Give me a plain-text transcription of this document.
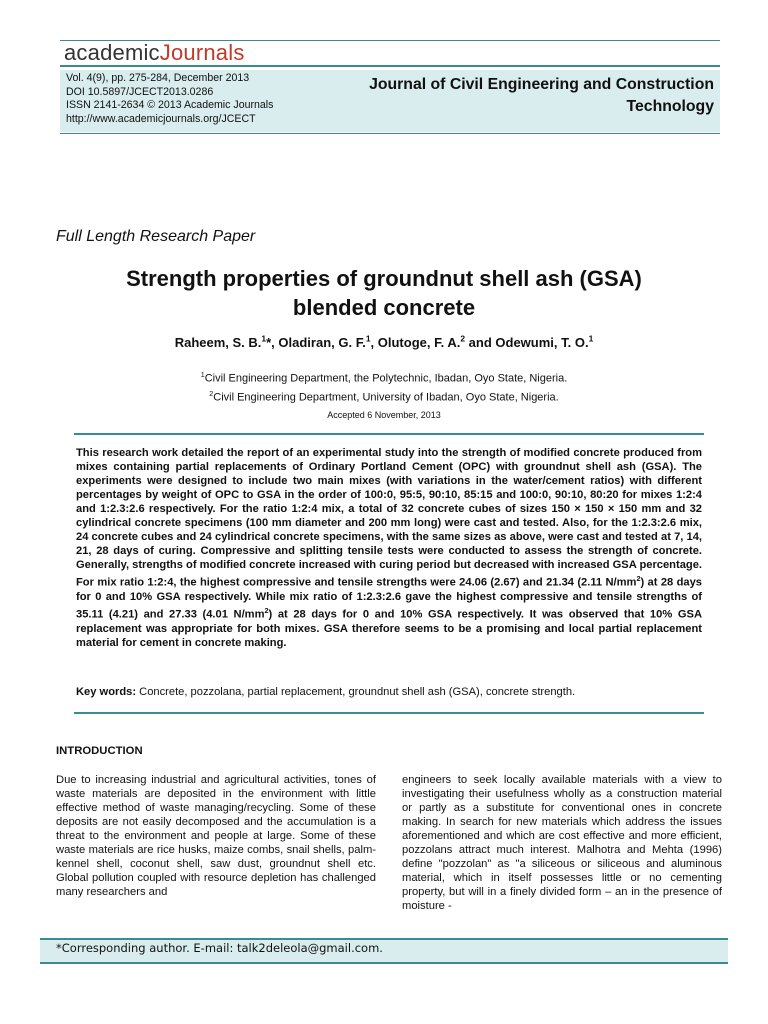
academicJournals
Vol. 4(9), pp. 275-284, December 2013
DOI 10.5897/JCECT2013.0286
ISSN 2141-2634 © 2013 Academic Journals
http://www.academicjournals.org/JCECT
Journal of Civil Engineering and Construction
Technology
Full Length Research Paper
Strength properties of groundnut shell ash (GSA)
blended concrete
Raheem, S. B.$^1$*, Oladiran, G. F.$^1$, Olutoge, F. A.$^2$ and Odewumi, T. O.$^1$
$^1$Civil Engineering Department, the Polytechnic, Ibadan, Oyo State, Nigeria.
$^2$Civil Engineering Department, University of Ibadan, Oyo State, Nigeria.
Accepted 6 November, 2013
This research work detailed the report of an experimental study into the strength of modified concrete produced from mixes containing partial replacements of Ordinary Portland Cement (OPC) with groundnut shell ash (GSA). The experiments were designed to include two main mixes (with variations in the water/cement ratios) with different percentages by weight of OPC to GSA in the order of 100:0, 95:5, 90:10, 85:15 and 100:0, 90:10, 80:20 for mixes 1:2:4 and 1:2.3:2.6 respectively. For the ratio 1:2:4 mix, a total of 32 concrete cubes of sizes 150 × 150 × 150 mm and 32 cylindrical concrete specimens (100 mm diameter and 200 mm long) were cast and tested. Also, for the 1:2.3:2.6 mix, 24 concrete cubes and 24 cylindrical concrete specimens, with the same sizes as above, were cast and tested at 7, 14, 21, 28 days of curing. Compressive and splitting tensile tests were conducted to assess the strength of concrete. Generally, strengths of modified concrete increased with curing period but decreased with increased GSA percentage. For mix ratio 1:2:4, the highest compressive and tensile strengths were 24.06 (2.67) and 21.34 (2.11 $N/mm^2$) at 28 days for 0 and 10% GSA respectively. While mix ratio of 1:2.3:2.6 gave the highest compressive and tensile strengths of 35.11 (4.21) and 27.33 (4.01 $N/mm^2$) at 28 days for 0 and 10% GSA respectively. It was observed that 10% GSA replacement was appropriate for both mixes. GSA therefore seems to be a promising and local partial replacement material for cement in concrete making.
Key words: Concrete, pozzolana, partial replacement, groundnut shell ash (GSA), concrete strength.
INTRODUCTION
Due to increasing industrial and agricultural activities, tones of waste materials are deposited in the environment with little effective method of waste managing/recycling. Some of these deposits are not easily decomposed and the accumulation is a threat to the environment and people at large. Some of these waste materials are rice husks, maize combs, snail shells, palm-kennel shell, coconut shell, saw dust, groundnut shell etc. Global pollution coupled with resource depletion has challenged many researchers and
engineers to seek locally available materials with a view to investigating their usefulness wholly as a construction material or partly as a substitute for conventional ones in concrete making. In search for new materials which address the issues aforementioned and which are cost effective and more efficient, pozzolans attract much interest. Malhotra and Mehta (1996) define "pozzolan" as "a siliceous or siliceous and aluminous material, which in itself possesses little or no cementing property, but will in a finely divided form – an in the presence of moisture -
*Corresponding author. E-mail: talk2deleola@gmail.com.
